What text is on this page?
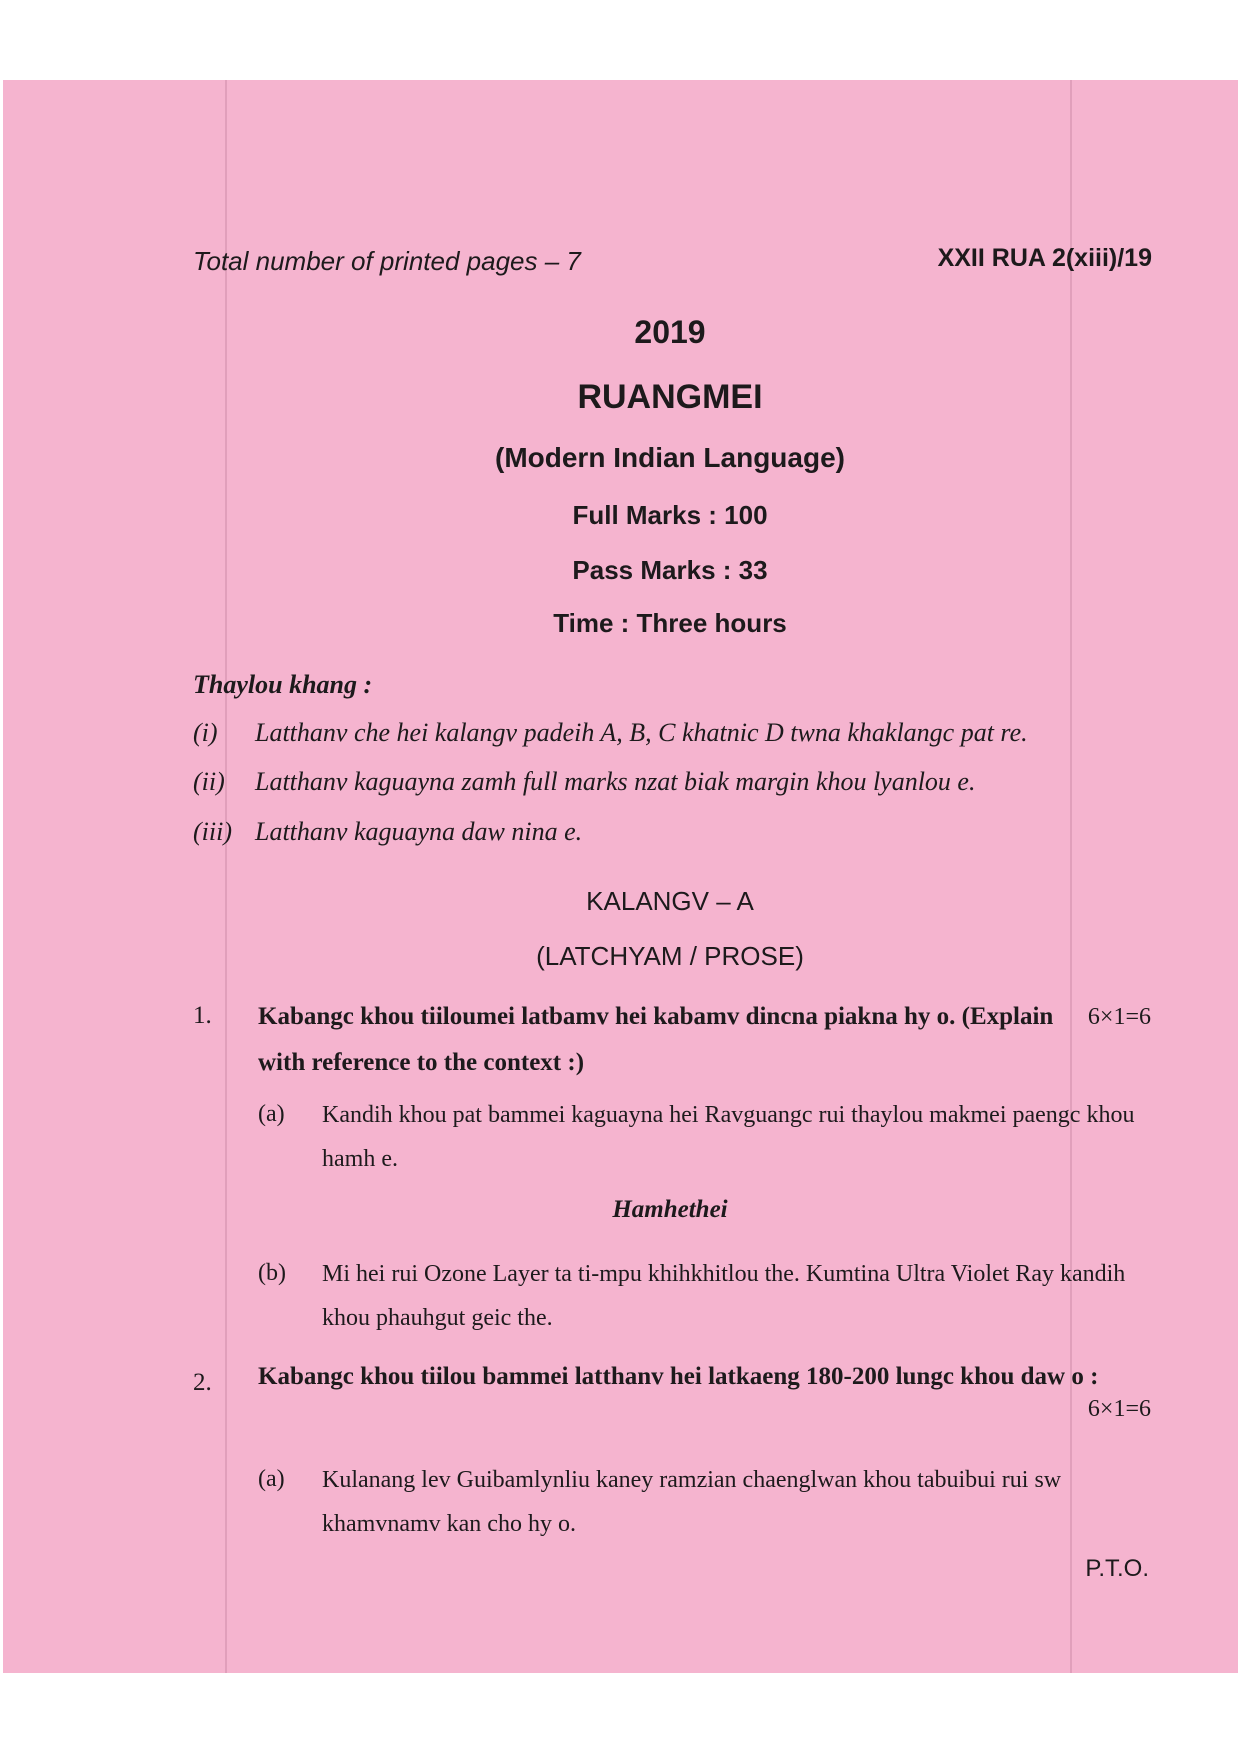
Total number of printed pages – 7	XXII RUA 2(xiii)/19
2019
RUANGMEI
(Modern Indian Language)
Full Marks : 100
Pass Marks : 33
Time : Three hours
Thaylou khang :
(i) Latthanv che hei kalangv padeih A, B, C khatnic D twna khaklangc pat re.
(ii) Latthanv kaguayna zamh full marks nzat biak margin khou lyanlou e.
(iii) Latthanv kaguayna daw nina e.
KALANGV – A
(LATCHYAM / PROSE)
1. Kabangc khou tiiloumei latbamv hei kabamv dincna piakna hy o. (Explain with reference to the context :)
6×1=6
(a) Kandih khou pat bammei kaguayna hei Ravguangc rui thaylou makmei paengc khou hamh e.
Hamhethei
(b) Mi hei rui Ozone Layer ta ti-mpu khihkhitlou the. Kumtina Ultra Violet Ray kandih khou phauhgut geic the.
2. Kabangc khou tiilou bammei latthanv hei latkaeng 180-200 lungc khou daw o :
6×1=6
(a) Kulanang lev Guibamlynliu kaney ramzian chaenglwan khou tabuibui rui sw khamvnamv kan cho hy o.
P.T.O.
